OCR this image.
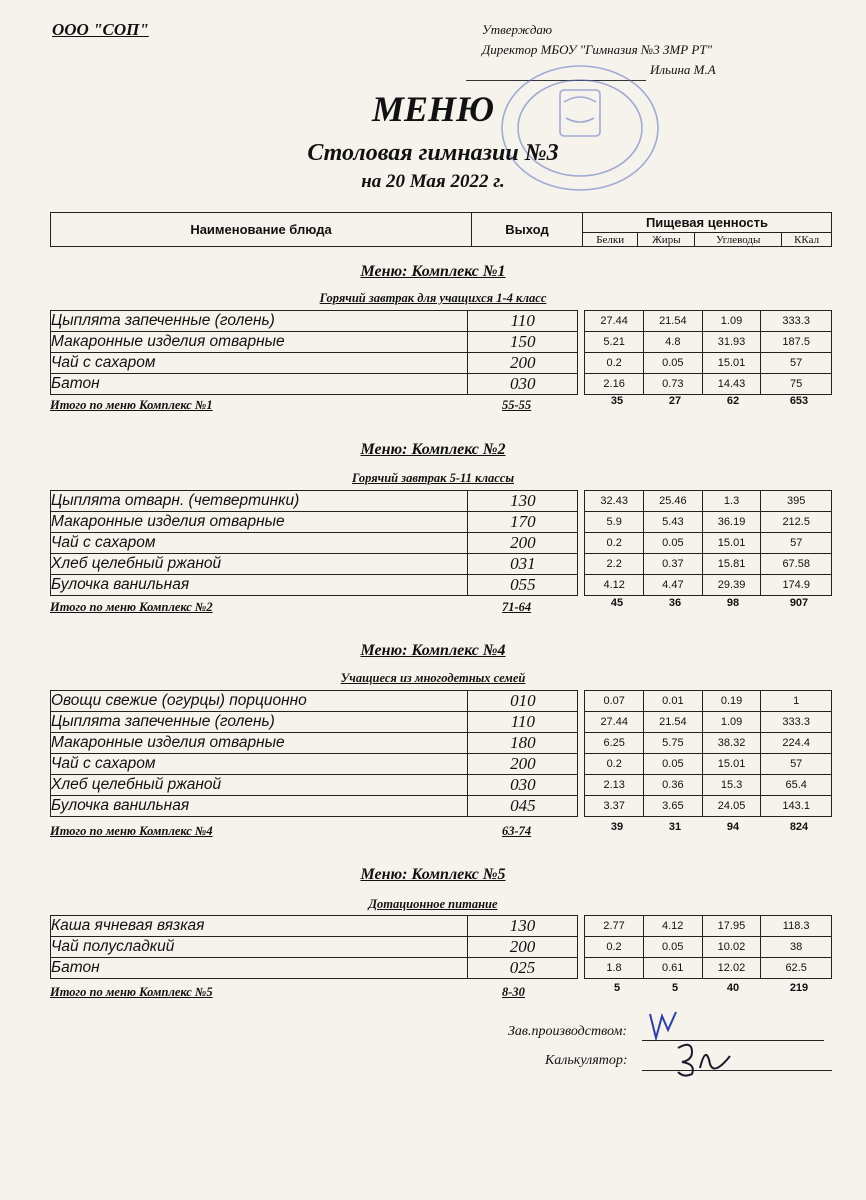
ООО "СОП"	Утверждаю
Директор МБОУ "Гимназия №3 ЗМР РТ"
Ильина М.А
МЕНЮ
Столовая гимназии №3
на 20 Мая 2022 г.
Наименование блюда	Выход	Пищевая ценность			
		Белки	Жиры	Углеводы	ККал
Меню: Комплекс №1
Горячий завтрак для учащихся 1-4 класс
Цыплята запеченные (голень)	110		27.44	21.54	1.09	333.3
Макаронные изделия отварные	150		5.21	4.8	31.93	187.5
Чай с сахаром	200		0.2	0.05	15.01	57
Батон	030		2.16	0.73	14.43	75
Итого по меню Комплекс №1	55-55	35	27	62	653
Меню: Комплекс №2
Горячий завтрак 5-11 классы
Цыплята отварн. (четвертинки)	130		32.43	25.46	1.3	395
Макаронные изделия отварные	170		5.9	5.43	36.19	212.5
Чай с сахаром	200		0.2	0.05	15.01	57
Хлеб целебный ржаной	031		2.2	0.37	15.81	67.58
Булочка ванильная	055		4.12	4.47	29.39	174.9
Итого по меню Комплекс №2	71-64	45	36	98	907
Меню: Комплекс №4
Учащиеся из многодетных семей
Овощи свежие (огурцы) порционно	010		0.07	0.01	0.19	1
Цыплята запеченные (голень)	110		27.44	21.54	1.09	333.3
Макаронные изделия отварные	180		6.25	5.75	38.32	224.4
Чай с сахаром	200		0.2	0.05	15.01	57
Хлеб целебный ржаной	030		2.13	0.36	15.3	65.4
Булочка ванильная	045		3.37	3.65	24.05	143.1
Итого по меню Комплекс №4	63-74	39	31	94	824
Меню: Комплекс №5
Дотационное питание
Каша ячневая вязкая	130		2.77	4.12	17.95	118.3
Чай полусладкий	200		0.2	0.05	10.02	38
Батон	025		1.8	0.61	12.02	62.5
Итого по меню Комплекс №5	8-30	5	5	40	219
Зав.производством:
Калькулятор:
